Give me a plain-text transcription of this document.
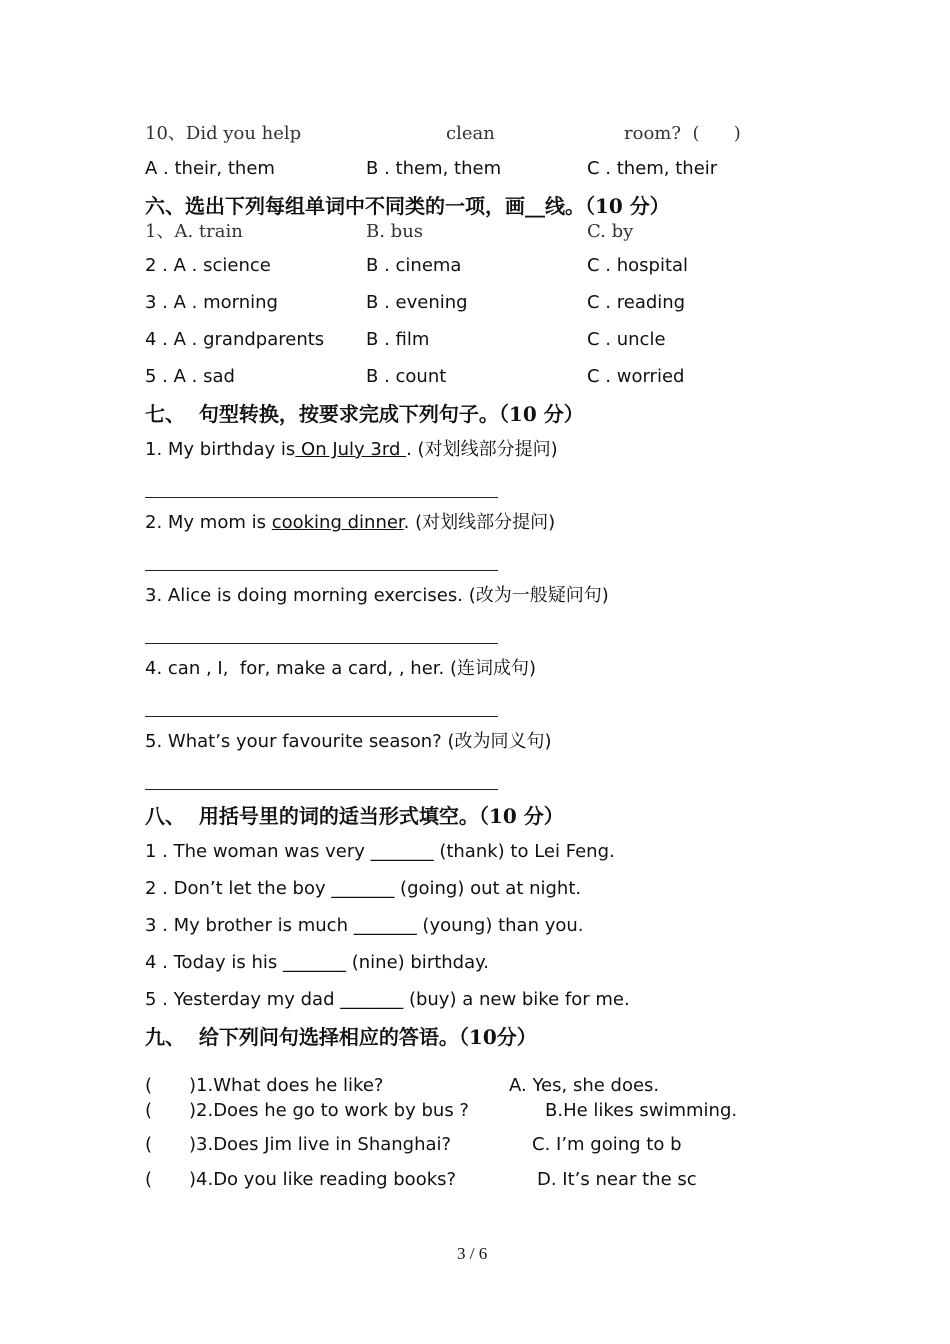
10、Did you help	clean	room?  (      )
A . their, them	B . them, them	C . them, their
六、选出下列每组单词中不同类的一项，画__线。（10 分）
1、A. train	B. bus	C. by
2 . A . science	B . cinema	C . hospital
3 . A . morning	B . evening	C . reading
4 . A . grandparents B . film	C . uncle
5 . A . sad	B . count	C . worried
七、  句型转换，按要求完成下列句子。（10 分）
1. My birthday is On July 3rd . (对划线部分提问)
2. My mom is cooking dinner. (对划线部分提问)
3. Alice is doing morning exercises. (改为一般疑问句)
4. can , I,  for, make a card, , her. (连词成句)
5. What’s your favourite season? (改为同义句)
八、  用括号里的词的适当形式填空。（10 分）
1 . The woman was very _______ (thank) to Lei Feng.
2 . Don’t let the boy _______ (going) out at night.
3 . My brother is much _______ (young) than you.
4 . Today is his _______ (nine) birthday.
5 . Yesterday my dad _______ (buy) a new bike for me.
九、  给下列问句选择相应的答语。（10分）
( )1.What does he like?	A. Yes, she does.
( )2.Does he go to work by bus ?	B.He likes swimming.
( )3.Does Jim live in Shanghai?	C. I’m going to b
( )4.Do you like reading books?	D. It’s near the sc
3 / 6
